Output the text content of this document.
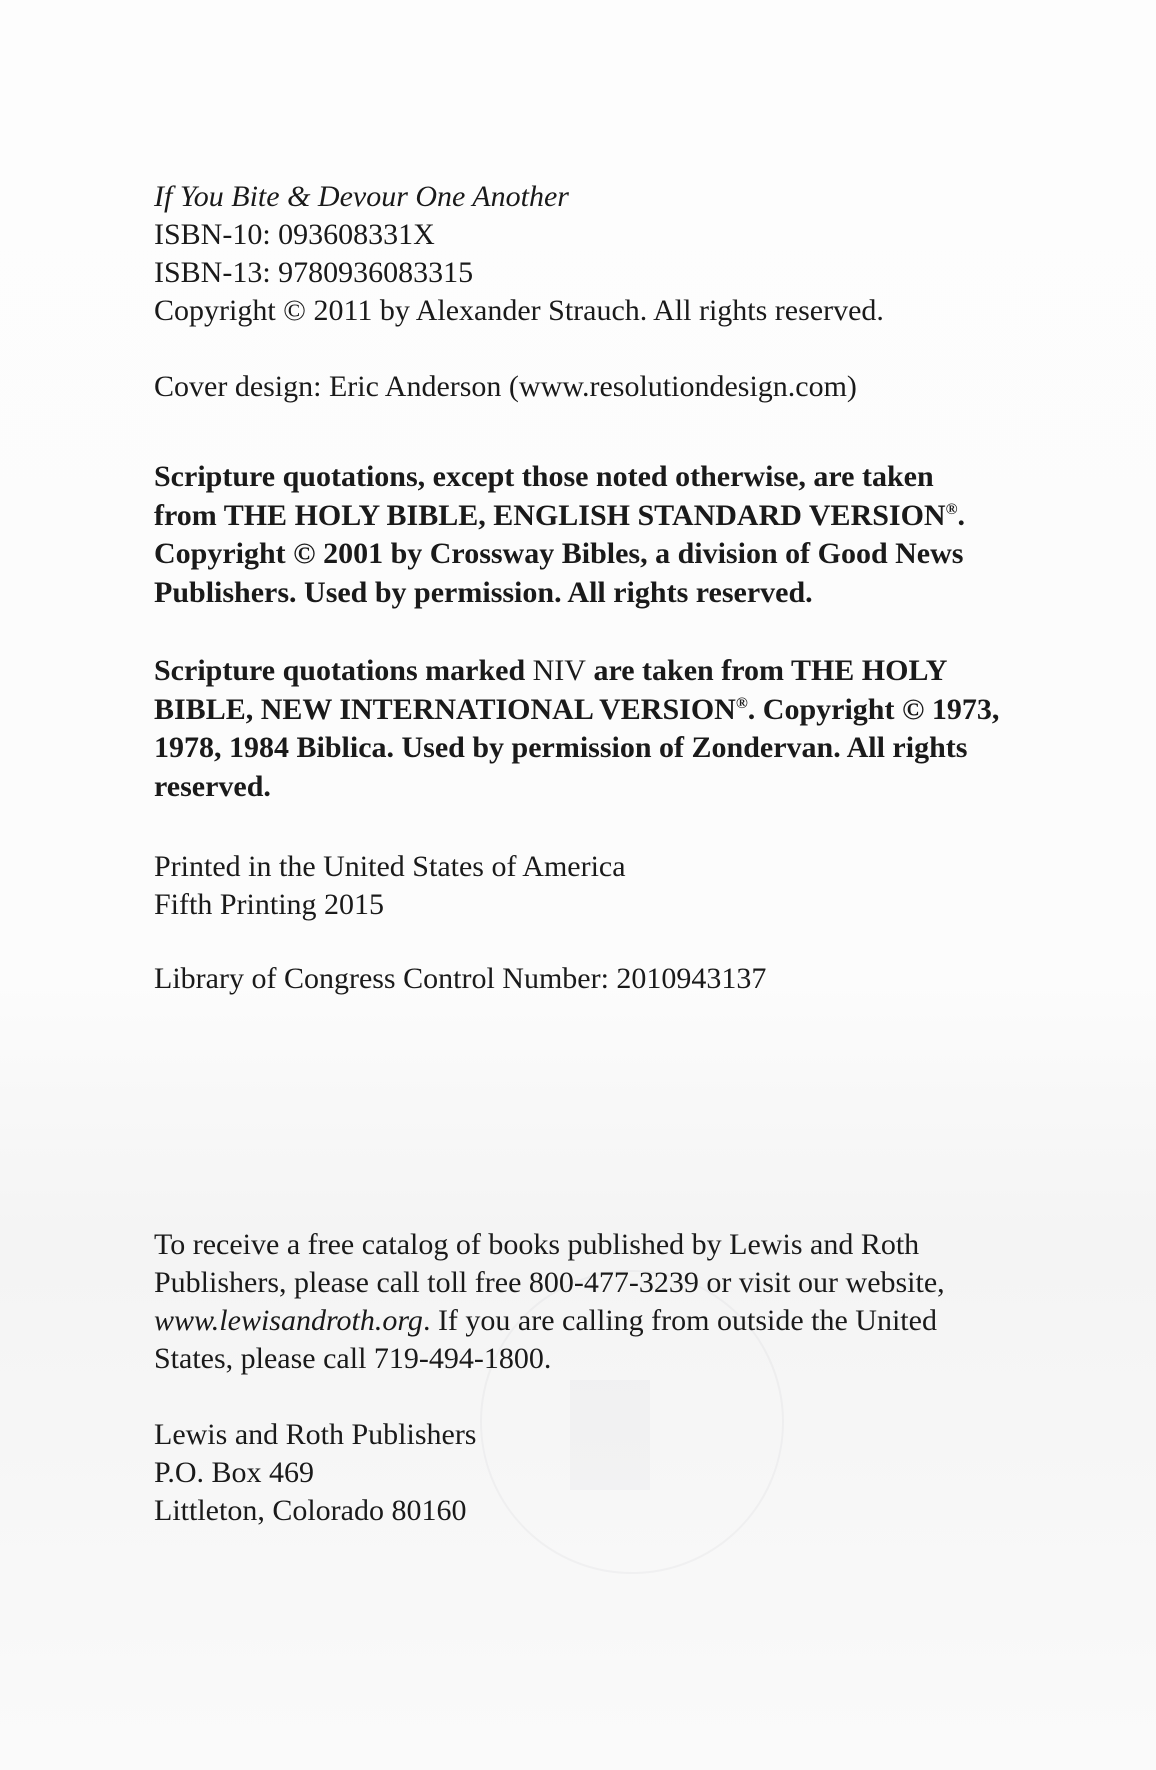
If You Bite & Devour One Another
ISBN-10: 093608331X
ISBN-13: 9780936083315
Copyright © 2011 by Alexander Strauch. All rights reserved.
Cover design: Eric Anderson (www.resolutiondesign.com)
Scripture quotations, except those noted otherwise, are taken
from THE HOLY BIBLE, ENGLISH STANDARD VERSION®.
Copyright © 2001 by Crossway Bibles, a division of Good News
Publishers. Used by permission. All rights reserved.
Scripture quotations marked NIV are taken from THE HOLY
BIBLE, NEW INTERNATIONAL VERSION®. Copyright © 1973,
1978, 1984 Biblica. Used by permission of Zondervan. All rights
reserved.
Printed in the United States of America
Fifth Printing 2015
Library of Congress Control Number: 2010943137
To receive a free catalog of books published by Lewis and Roth
Publishers, please call toll free 800-477-3239 or visit our website,
www.lewisandroth.org. If you are calling from outside the United
States, please call 719-494-1800.
Lewis and Roth Publishers
P.O. Box 469
Littleton, Colorado 80160
